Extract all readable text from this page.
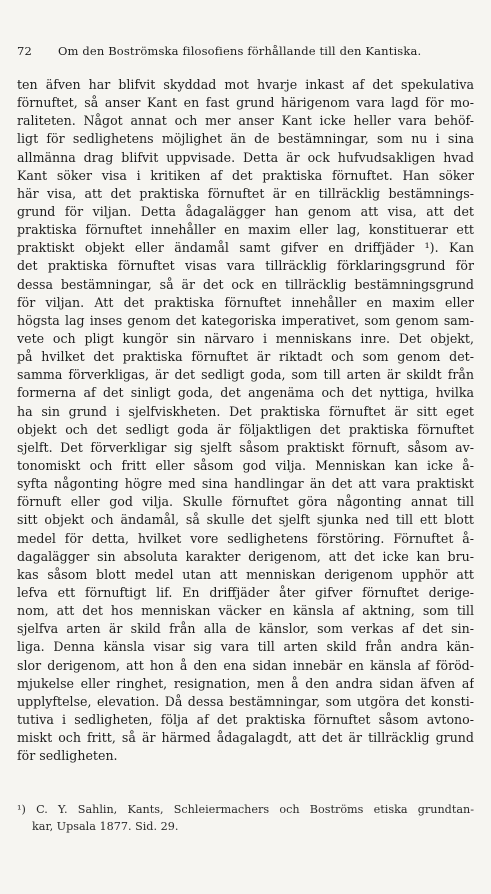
72 Om den Boströmska filosofiens förhållande till den Kantiska.
ten äfven har blifvit skyddad mot hvarje inkast af det spekulativa
förnuftet, så anser Kant en fast grund härigenom vara lagd för mo-
raliteten. Något annat och mer anser Kant icke heller vara behöf-
ligt för sedlighetens möjlighet än de bestämningar, som nu i sina
allmänna drag blifvit uppvisade. Detta är ock hufvudsakligen hvad
Kant söker visa i kritiken af det praktiska förnuftet. Han söker
här visa, att det praktiska förnuftet är en tillräcklig bestämnings-
grund för viljan. Detta ådagalägger han genom att visa, att det
praktiska förnuftet innehåller en maxim eller lag, konstituerar ett
praktiskt objekt eller ändamål samt gifver en driffjäder ¹). Kan
det praktiska förnuftet visas vara tillräcklig förklaringsgrund för
dessa bestämningar, så är det ock en tillräcklig bestämningsgrund
för viljan. Att det praktiska förnuftet innehåller en maxim eller
högsta lag inses genom det kategoriska imperativet, som genom sam-
vete och pligt kungör sin närvaro i menniskans inre. Det objekt,
på hvilket det praktiska förnuftet är riktadt och som genom det-
samma förverkligas, är det sedligt goda, som till arten är skildt från
formerna af det sinligt goda, det angenäma och det nyttiga, hvilka
ha sin grund i sjelfviskheten. Det praktiska förnuftet är sitt eget
objekt och det sedligt goda är följaktligen det praktiska förnuftet
sjelft. Det förverkligar sig sjelft såsom praktiskt förnuft, såsom av-
tonomiskt och fritt eller såsom god vilja. Menniskan kan icke å-
syfta någonting högre med sina handlingar än det att vara praktiskt
förnuft eller god vilja. Skulle förnuftet göra någonting annat till
sitt objekt och ändamål, så skulle det sjelft sjunka ned till ett blott
medel för detta, hvilket vore sedlighetens förstöring. Förnuftet å-
dagalägger sin absoluta karakter derigenom, att det icke kan bru-
kas såsom blott medel utan att menniskan derigenom upphör att
lefva ett förnuftigt lif. En driffjäder åter gifver förnuftet derige-
nom, att det hos menniskan väcker en känsla af aktning, som till
sjelfva arten är skild från alla de känslor, som verkas af det sin-
liga. Denna känsla visar sig vara till arten skild från andra kän-
slor derigenom, att hon å den ena sidan innebär en känsla af föröd-
mjukelse eller ringhet, resignation, men å den andra sidan äfven af
upplyftelse, elevation. Då dessa bestämningar, som utgöra det konsti-
tutiva i sedligheten, följa af det praktiska förnuftet såsom avtono-
miskt och fritt, så är härmed ådagalagdt, att det är tillräcklig grund
för sedligheten.
¹) C. Y. Sahlin, Kants, Schleiermachers och Boströms etiska grundtan-
kar, Upsala 1877. Sid. 29.
